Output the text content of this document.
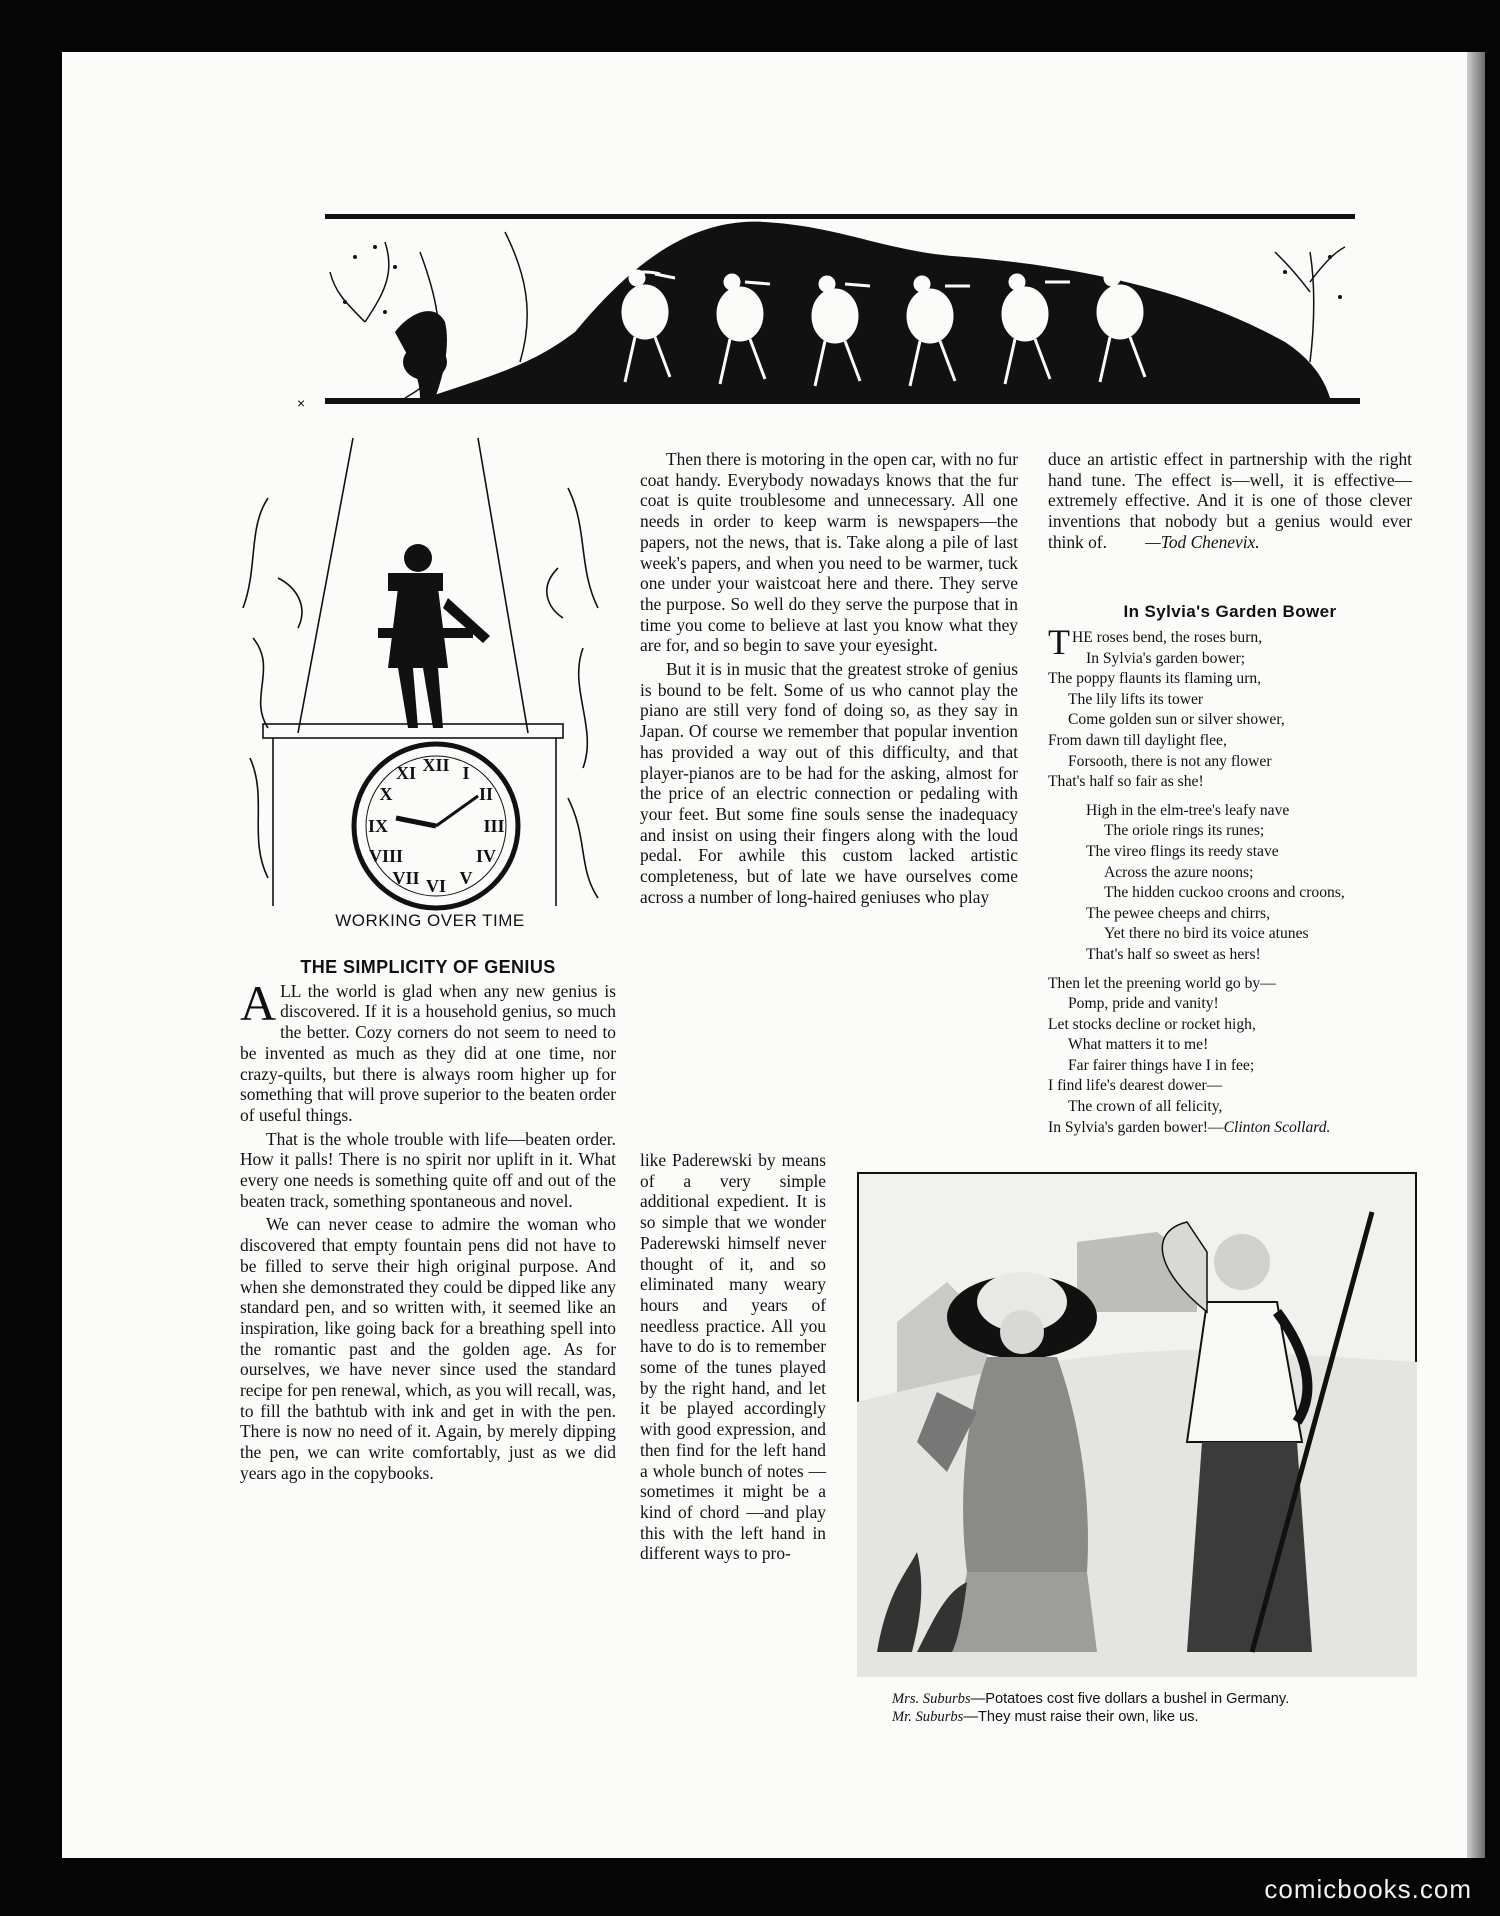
×
XII I
II
III
IV
V
VI
VII
VIII
IX
X
XI
WORKING OVER TIME
THE SIMPLICITY OF GENIUS

ALL the world is glad when any new genius is discovered. If it is a household genius, so much the better. Cozy corners do not seem to need to be invented as much as they did at one time, nor crazy-quilts, but there is always room higher up for something that will prove superior to the beaten order of useful things.

That is the whole trouble with life—beaten order. How it palls! There is no spirit nor uplift in it. What every one needs is something quite off and out of the beaten track, something spontaneous and novel.

We can never cease to admire the woman who discovered that empty fountain pens did not have to be filled to serve their high original purpose. And when she demonstrated they could be dipped like any standard pen, and so written with, it seemed like an inspiration, like going back for a breathing spell into the romantic past and the golden age. As for ourselves, we have never since used the standard recipe for pen renewal, which, as you will recall, was, to fill the bathtub with ink and get in with the pen. There is now no need of it. Again, by merely dipping the pen, we can write comfortably, just as we did years ago in the copybooks.

Then there is motoring in the open car, with no fur coat handy. Everybody nowadays knows that the fur coat is quite troublesome and unnecessary. All one needs in order to keep warm is newspapers—the papers, not the news, that is. Take along a pile of last week's papers, and when you need to be warmer, tuck one under your waistcoat here and there. They serve the purpose. So well do they serve the purpose that in time you come to believe at last you know what they are for, and so begin to save your eyesight.

But it is in music that the greatest stroke of genius is bound to be felt. Some of us who cannot play the piano are still very fond of doing so, as they say in Japan. Of course we remember that popular invention has provided a way out of this difficulty, and that player-pianos are to be had for the asking, almost for the price of an electric connection or pedaling with your feet. But some fine souls sense the inadequacy and insist on using their fingers along with the loud pedal. For awhile this custom lacked artistic completeness, but of late we have ourselves come across a number of long-haired geniuses who play

like Paderewski by means of a very simple additional expedient. It is so simple that we wonder Paderewski himself never thought of it, and so eliminated many weary hours and years of needless practice. All you have to do is to remember some of the tunes played by the right hand, and let it be played accordingly with good expression, and then find for the left hand a whole bunch of notes —sometimes it might be a kind of chord —and play this with the left hand in different ways to pro-

duce an artistic effect in partnership with the right hand tune. The effect is—well, it is effective—extremely effective. And it is one of those clever inventions that nobody but a genius would ever think of. —Tod Chenevix.

In Sylvia's Garden Bower
THE roses bend, the roses burn,
In Sylvia's garden bower;
The poppy flaunts its flaming urn,
The lily lifts its tower
Come golden sun or silver shower,
From dawn till daylight flee,
Forsooth, there is not any flower
That's half so fair as she!
High in the elm-tree's leafy nave
The oriole rings its runes;
The vireo flings its reedy stave
Across the azure noons;
The hidden cuckoo croons and croons,
The pewee cheeps and chirrs,
Yet there no bird its voice atunes
That's half so sweet as hers!
Then let the preening world go by—
Pomp, pride and vanity!
Let stocks decline or rocket high,
What matters it to me!
Far fairer things have I in fee;
I find life's dearest dower—
The crown of all felicity,
In Sylvia's garden bower!—Clinton Scollard.
Mrs. Suburbs—Potatoes cost five dollars a bushel in Germany.
Mr. Suburbs—They must raise their own, like us.
comicbooks.com
